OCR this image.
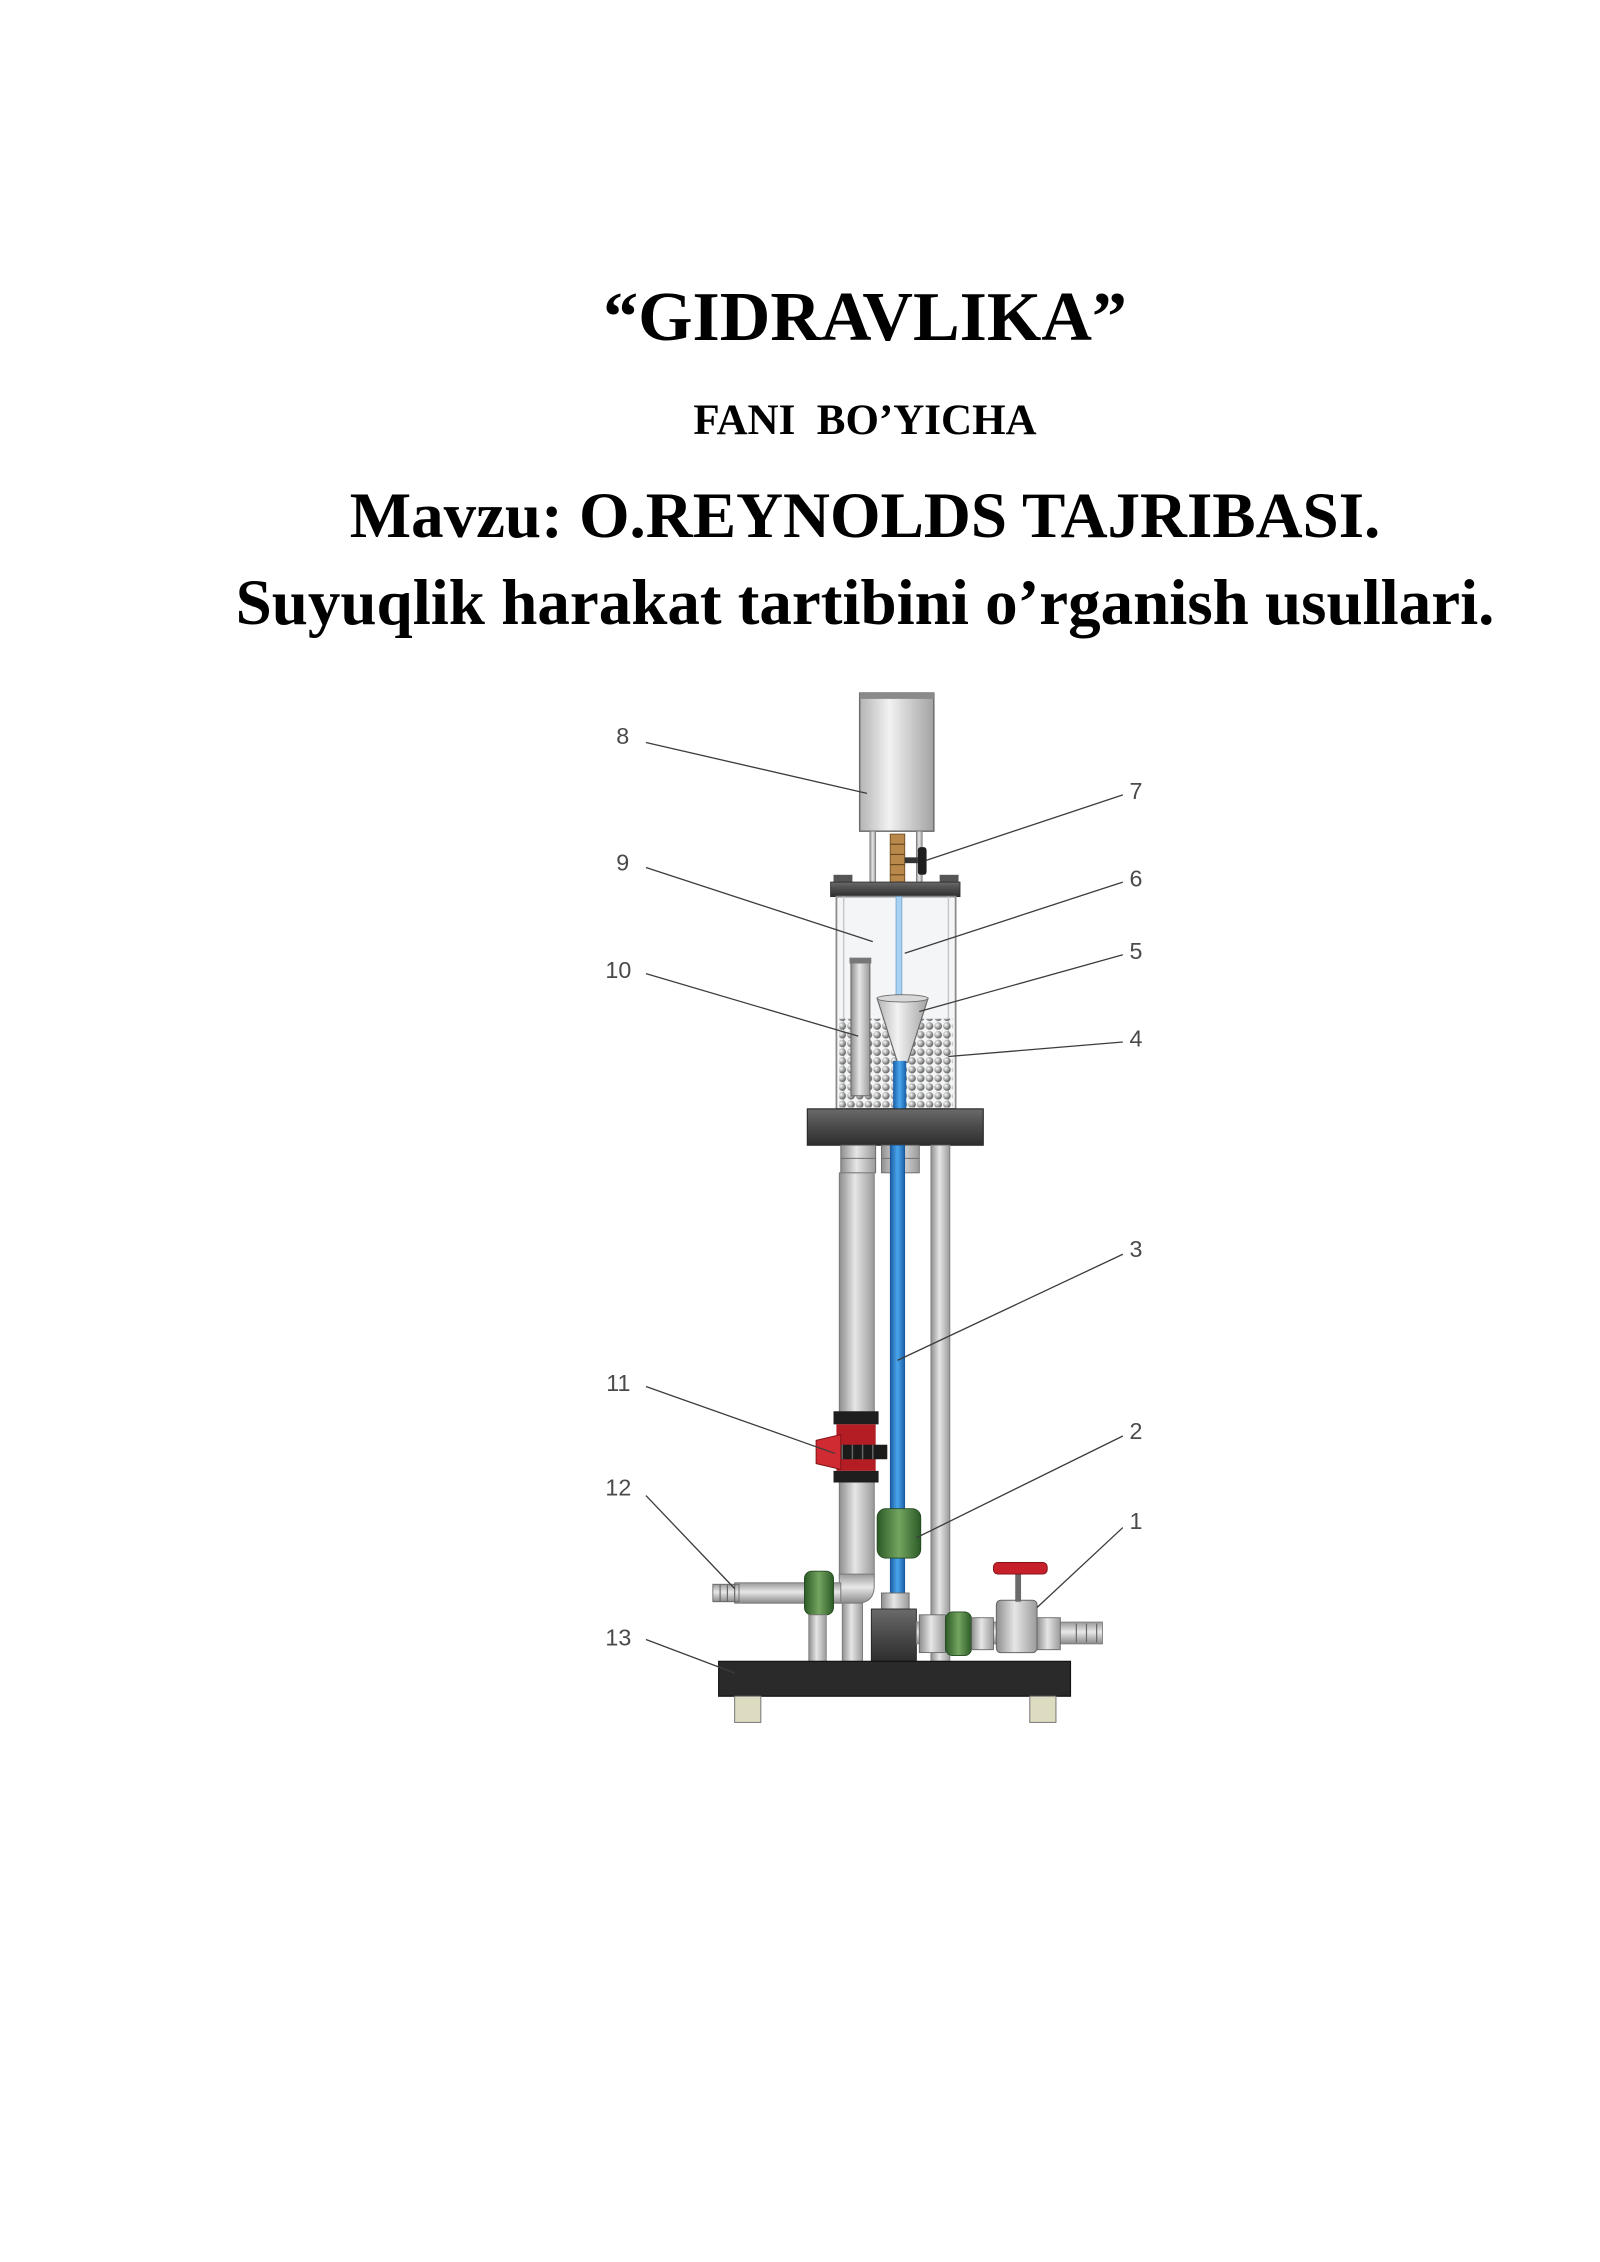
“GIDRAVLIKA”
FANI  BO’YICHA
Mavzu: O.REYNOLDS TAJRIBASI.
Suyuqlik harakat tartibini o’rganish usullari.
8
7
9
6
10
5
4
3
11
2
12
1
13
